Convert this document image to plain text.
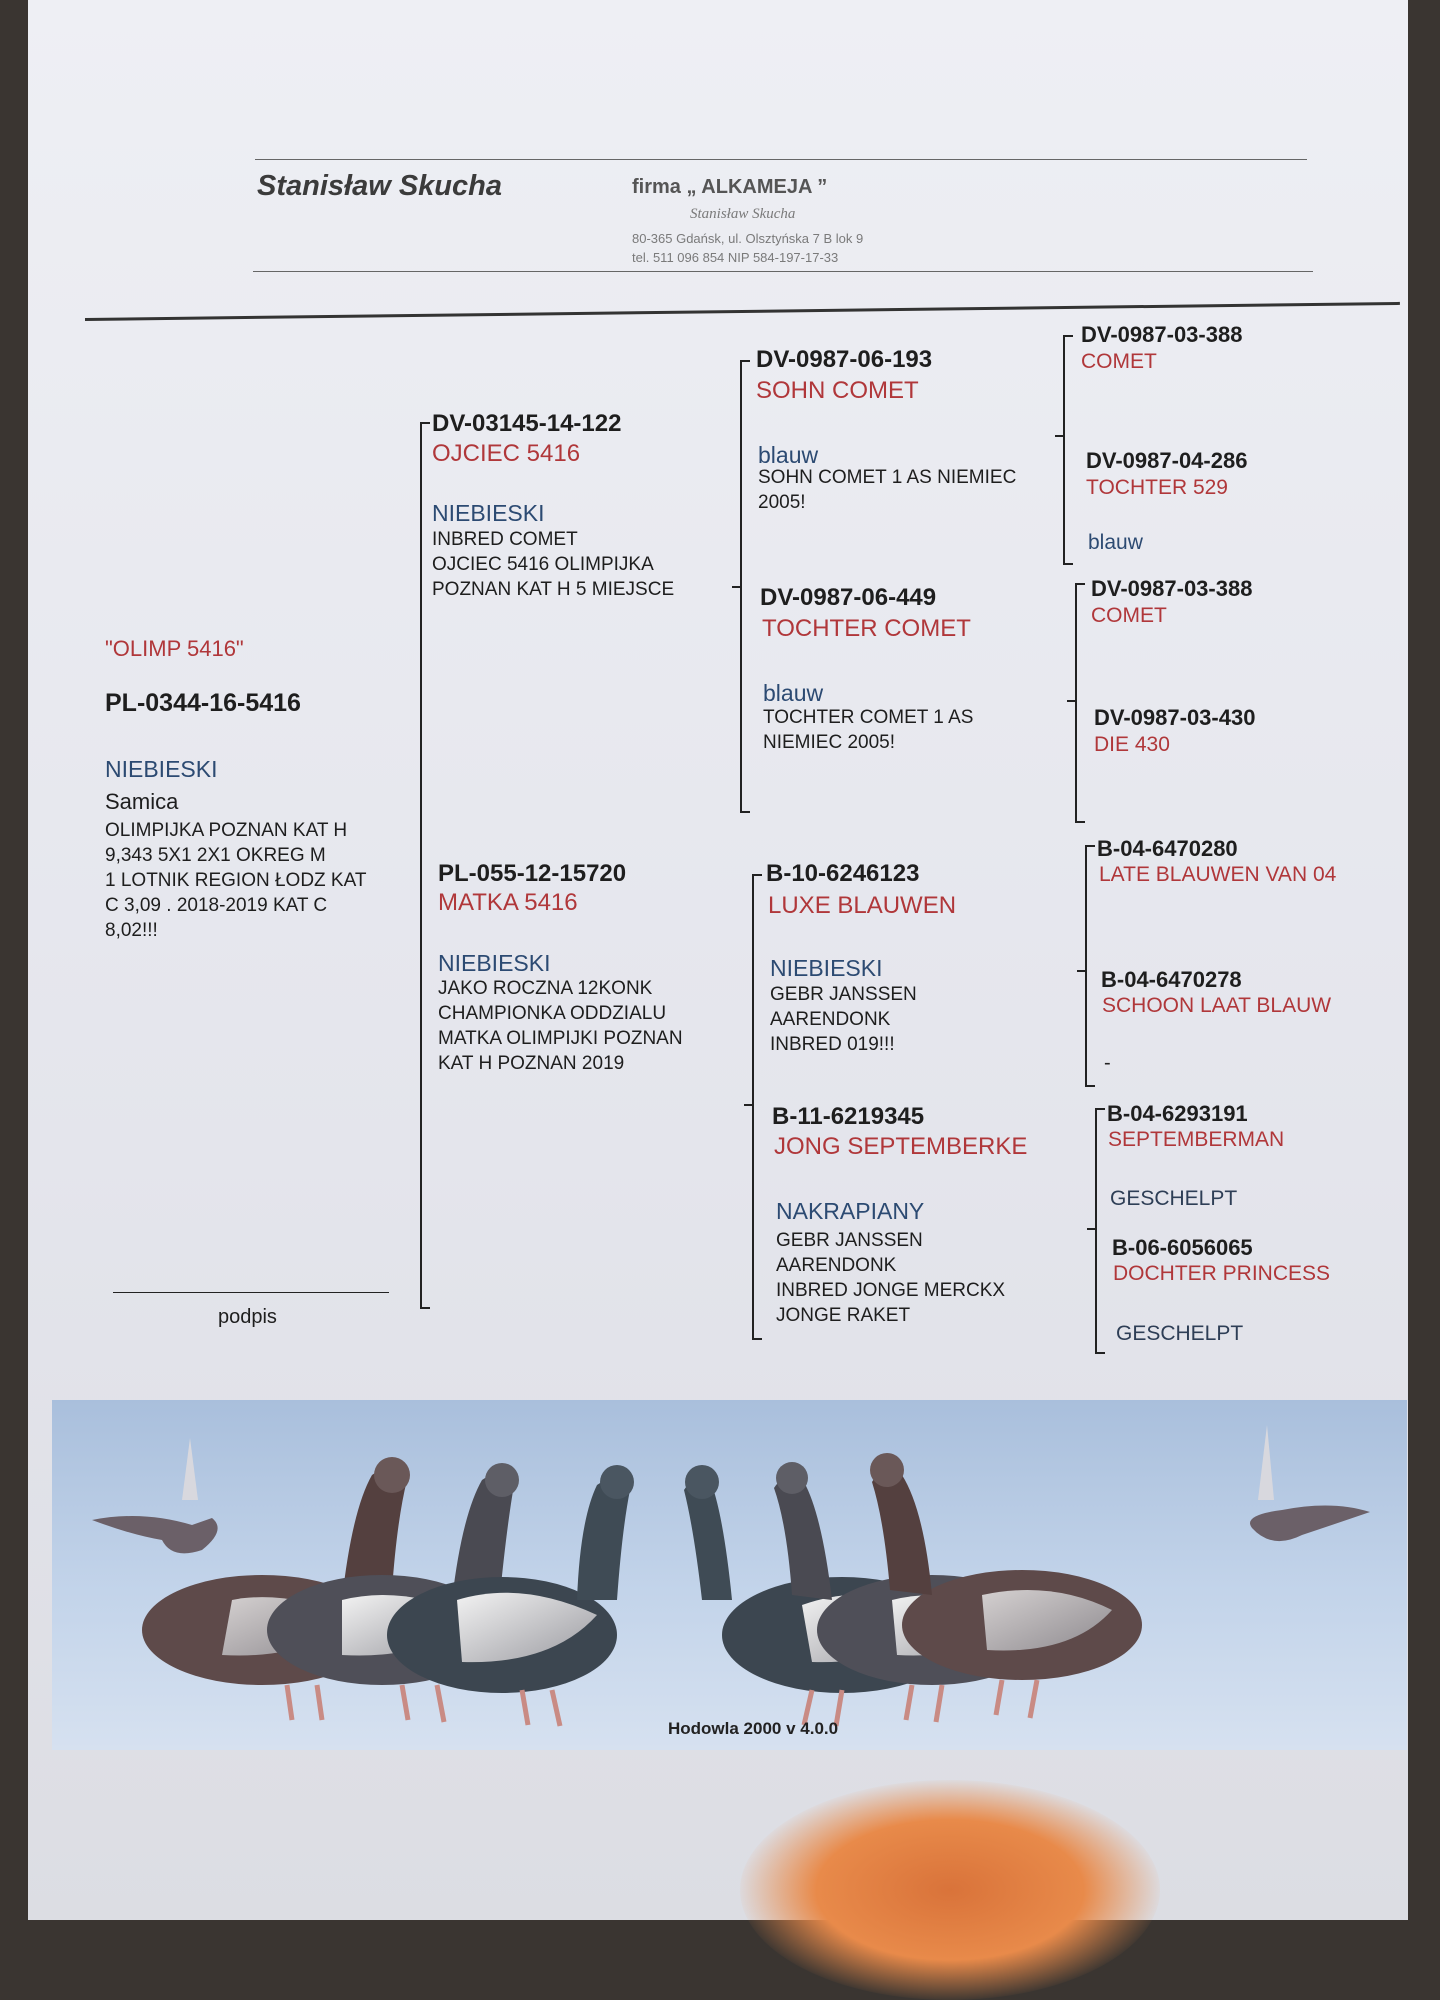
Stanisław Skucha	firma „ ALKAMEJA ”
Stanisław Skucha
80-365 Gdańsk, ul. Olsztyńska 7 B lok 9
tel. 511 096 854 NIP 584-197-17-33
"OLIMP 5416"
PL-0344-16-5416
NIEBIESKI
Samica
OLIMPIJKA POZNAN KAT H
9,343 5X1 2X1 OKREG M
1 LOTNIK REGION ŁODZ KAT
C 3,09 . 2018-2019 KAT C
8,02!!!
podpis
DV-03145-14-122
OJCIEC 5416
NIEBIESKI
INBRED COMET
OJCIEC 5416 OLIMPIJKA
POZNAN KAT H 5 MIEJSCE
PL-055-12-15720
MATKA 5416
NIEBIESKI
JAKO ROCZNA 12KONK
CHAMPIONKA ODDZIALU
MATKA OLIMPIJKI POZNAN
KAT H POZNAN 2019
DV-0987-06-193
SOHN COMET
blauw
SOHN COMET 1 AS NIEMIEC
2005!
DV-0987-06-449
TOCHTER COMET
blauw
TOCHTER COMET 1 AS
NIEMIEC 2005!
B-10-6246123
LUXE BLAUWEN
NIEBIESKI
GEBR JANSSEN
AARENDONK
INBRED 019!!!
B-11-6219345
JONG SEPTEMBERKE
NAKRAPIANY
GEBR JANSSEN
AARENDONK
INBRED JONGE MERCKX
JONGE RAKET
DV-0987-03-388
COMET
DV-0987-04-286
TOCHTER 529
blauw
DV-0987-03-388
COMET
DV-0987-03-430
DIE 430
B-04-6470280
LATE BLAUWEN VAN 04
B-04-6470278
SCHOON LAAT BLAUW
-
B-04-6293191
SEPTEMBERMAN
GESCHELPT
B-06-6056065
DOCHTER PRINCESS
GESCHELPT
Hodowla 2000 v 4.0.0
